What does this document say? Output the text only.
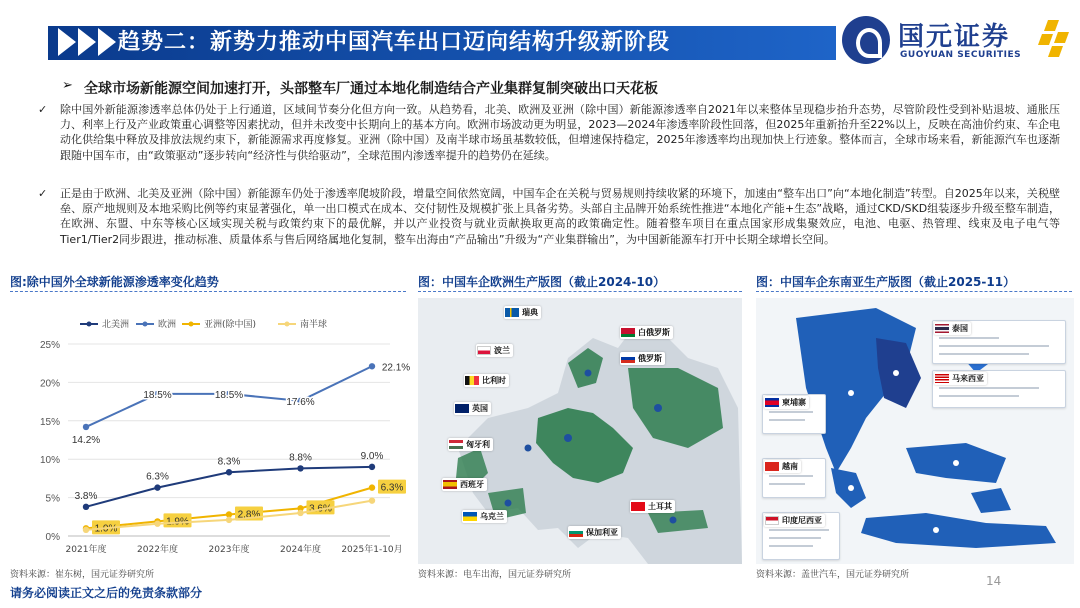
趋势二：新势力推动中国汽车出口迈向结构升级新阶段	国元证券
GUOYUAN SECURITIES
➢ 全球市场新能源空间加速打开，头部整车厂通过本地化制造结合产业集群复制突破出口天花板
✓ 除中国外新能源渗透率总体仍处于上行通道，区域间节奏分化但方向一致。从趋势看，北美、欧洲及亚洲（除中国）新能源渗透率自2021年以来整体呈现稳步抬升态势，尽管阶段性受到补贴退坡、通胀压力、利率上行及产业政策重心调整等因素扰动，但并未改变中长期向上的基本方向。欧洲市场波动更为明显，2023—2024年渗透率阶段性回落，但2025年重新抬升至22%以上，反映在高油价约束、车企电动化供给集中释放及排放法规约束下，新能源需求再度修复。亚洲（除中国）及南半球市场虽基数较低，但增速保持稳定，2025年渗透率均出现加快上行迹象。整体而言，全球市场来看，新能源汽车也逐渐跟随中国车市，由“政策驱动”逐步转向“经济性与供给驱动”，全球范围内渗透率提升的趋势仍在延续。
✓ 正是由于欧洲、北美及亚洲（除中国）新能源车仍处于渗透率爬坡阶段，增量空间依然宽阔，中国车企在关税与贸易规则持续收紧的环境下，加速由“整车出口”向“本地化制造”转型。自2025年以来，关税壁垒、原产地规则及本地采购比例等约束显著强化，单一出口模式在成本、交付韧性及规模扩张上具备劣势。头部自主品牌开始系统性推进“本地化产能+生态”战略，通过CKD/SKD组装逐步升级至整车制造，在欧洲、东盟、中东等核心区域实现关税与政策约束下的最优解，并以产业投资与就业贡献换取更高的政策确定性。随着整车项目在重点国家形成集聚效应，电池、电驱、热管理、线束及电子电气等Tier1/Tier2同步跟进，推动标准、质量体系与售后网络属地化复制，整车出海由“产品输出”升级为“产业集群输出”，为中国新能源车打开中长期全球增长空间。
图:除中国外全球新能源渗透率变化趋势	图：中国车企欧洲生产版图（截止2024-10）	图：中国车企东南亚生产版图（截止2025-11）
0%
5%
10%
15%
20%
25%
2021年度	2022年度	2023年度	2024年度 2025年1-10月
北美洲	欧洲	亚洲(除中国)	南半球
3.8%
6.3%
8.3%	8.8%	9.0%
14.2%
18.5%	18.5%
17.6%
22.1%
1.0%
1.9%
2.8%
3.6%
6.3%
瑞典
白俄罗斯
波兰
俄罗斯
比利时
英国
匈牙利
西班牙
土耳其
乌克兰
保加利亚
泰国
马来西亚
柬埔寨
越南
印度尼西亚
资料来源：崔东树，国元证券研究所	资料来源：电车出海，国元证券研究所	资料来源：盖世汽车，国元证券研究所	14
请务必阅读正文之后的免责条款部分
